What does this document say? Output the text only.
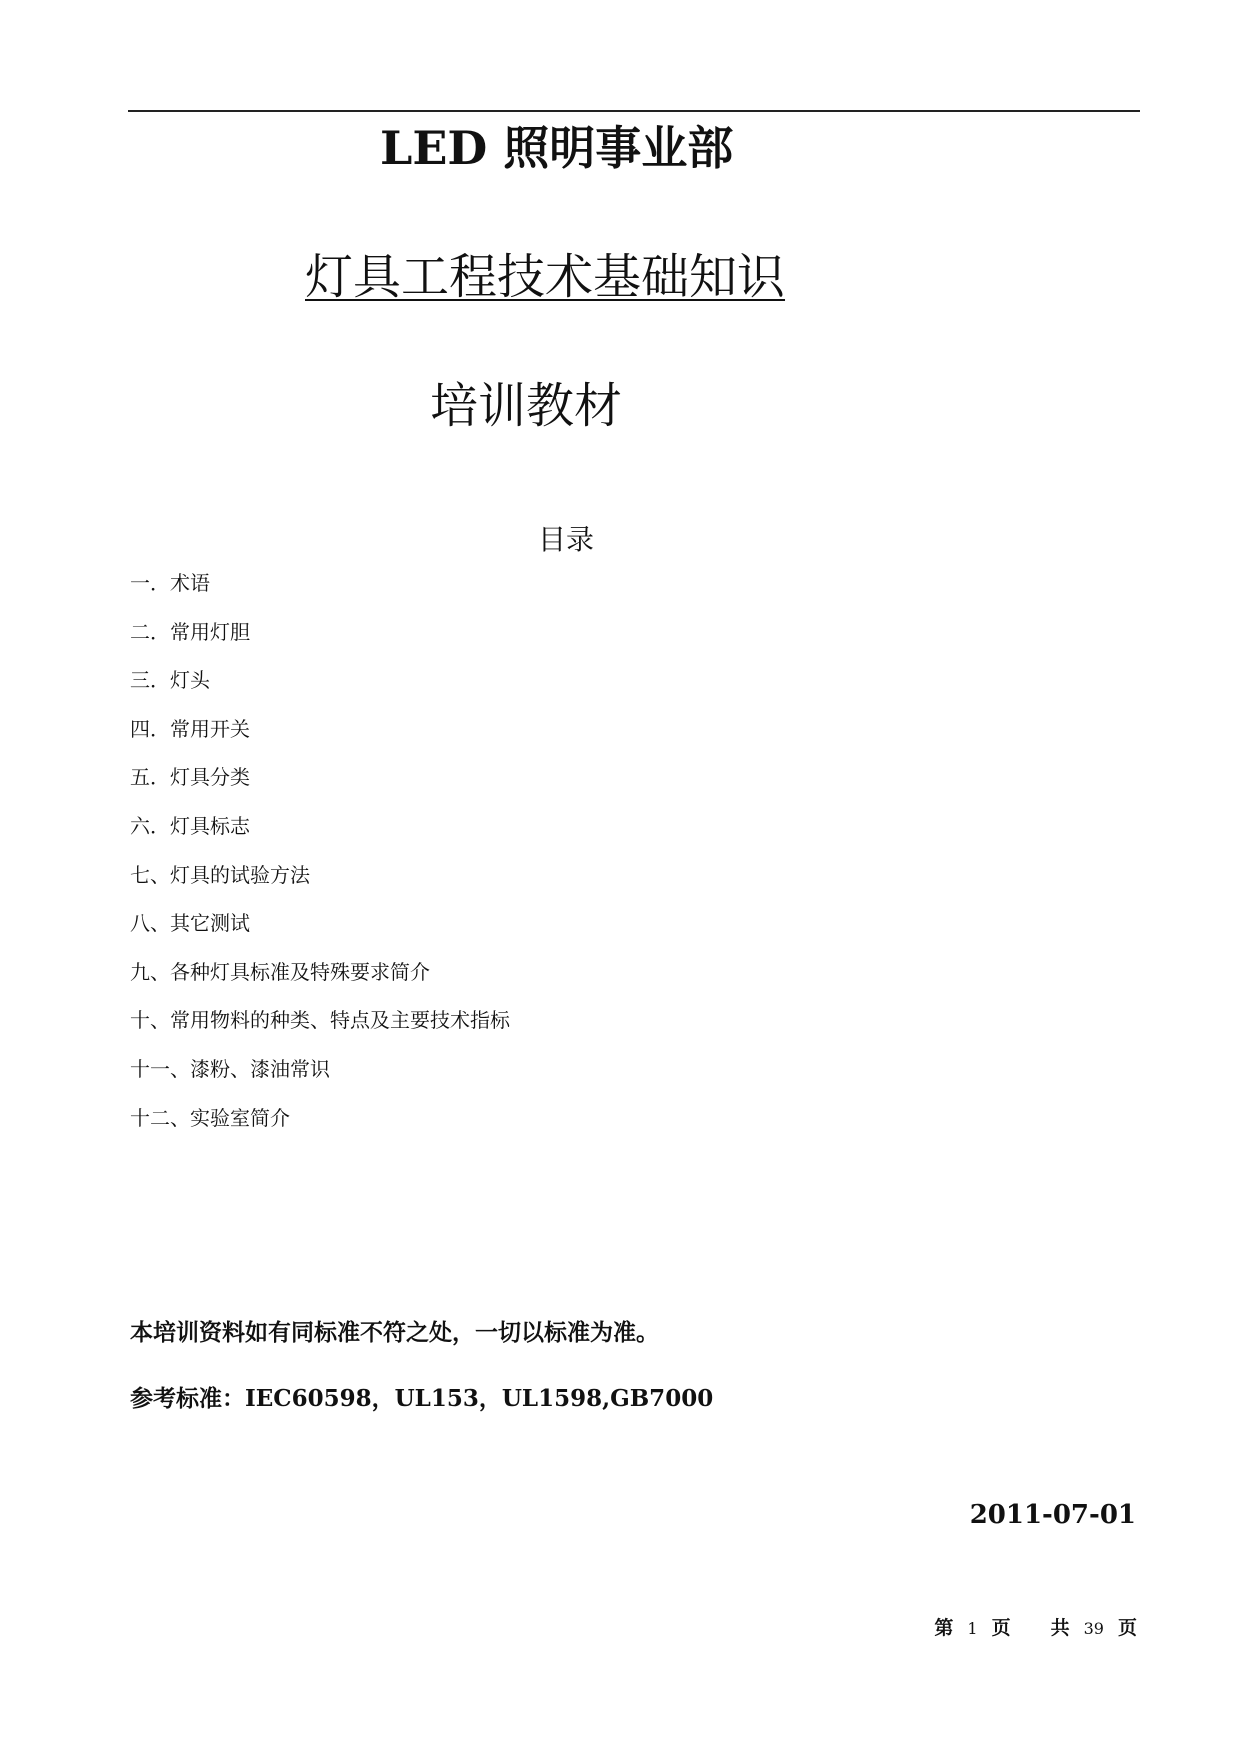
LED 照明事业部
灯具工程技术基础知识
培训教材
目录
一．术语
二．常用灯胆
三．灯头
四．常用开关
五．灯具分类
六．灯具标志
七、灯具的试验方法
八、其它测试
九、各种灯具标准及特殊要求简介
十、常用物料的种类、特点及主要技术指标
十一、漆粉、漆油常识
十二、实验室简介
本培训资料如有同标准不符之处，一切以标准为准。
参考标准：IEC60598，UL153，UL1598,GB7000
2011-07-01
第 1 页 共 39 页
